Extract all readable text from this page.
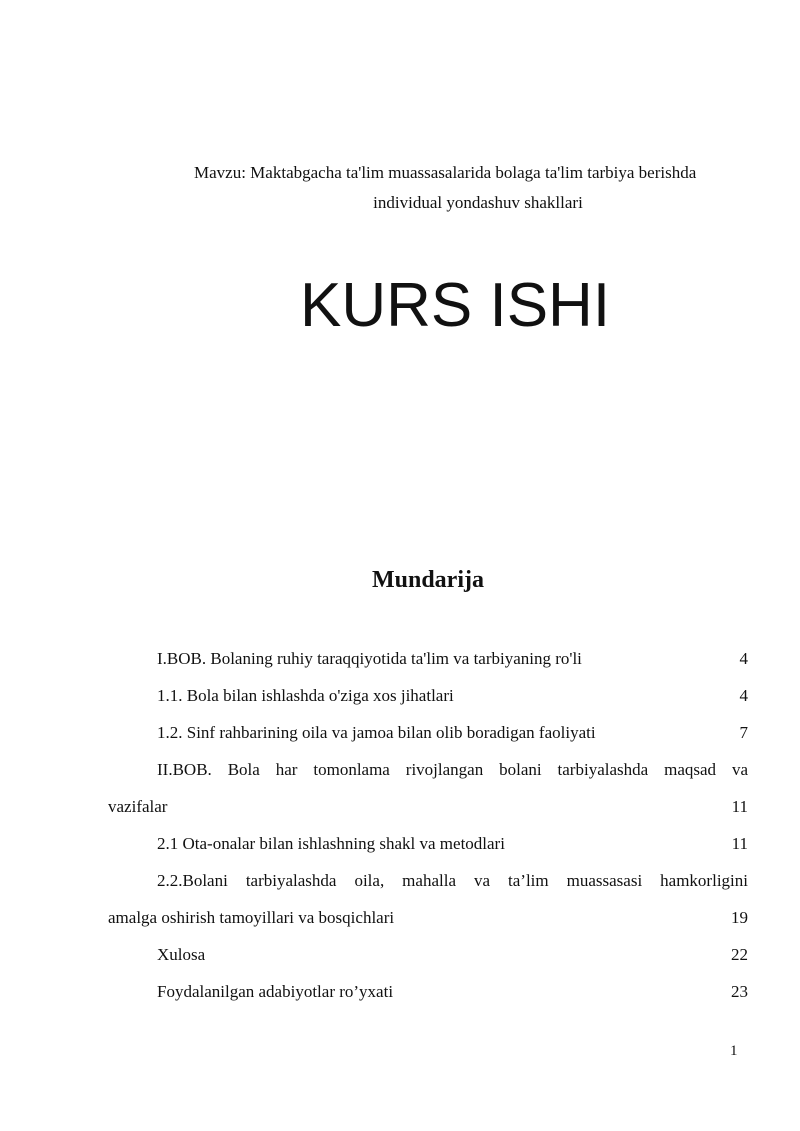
Mavzu: Maktabgacha ta'lim muassasalarida bolaga ta'lim tarbiya berishda
individual yondashuv shakllari
KURS ISHI
Mundarija
I.BOB. Bolaning ruhiy taraqqiyotida ta'lim va tarbiyaning ro'li	4
1.1. Bola bilan ishlashda o'ziga xos jihatlari	4
1.2. Sinf rahbarining oila va jamoa bilan olib boradigan faoliyati	7
II.BOB. Bola har tomonlama rivojlangan bolani tarbiyalashda maqsad va
vazifalar	11
2.1 Ota-onalar bilan ishlashning shakl va metodlari	11
2.2.Bolani tarbiyalashda oila, mahalla va ta’lim muassasasi hamkorligini
amalga oshirish tamoyillari va bosqichlari	19
Xulosa	22
Foydalanilgan adabiyotlar ro’yxati	23
1
